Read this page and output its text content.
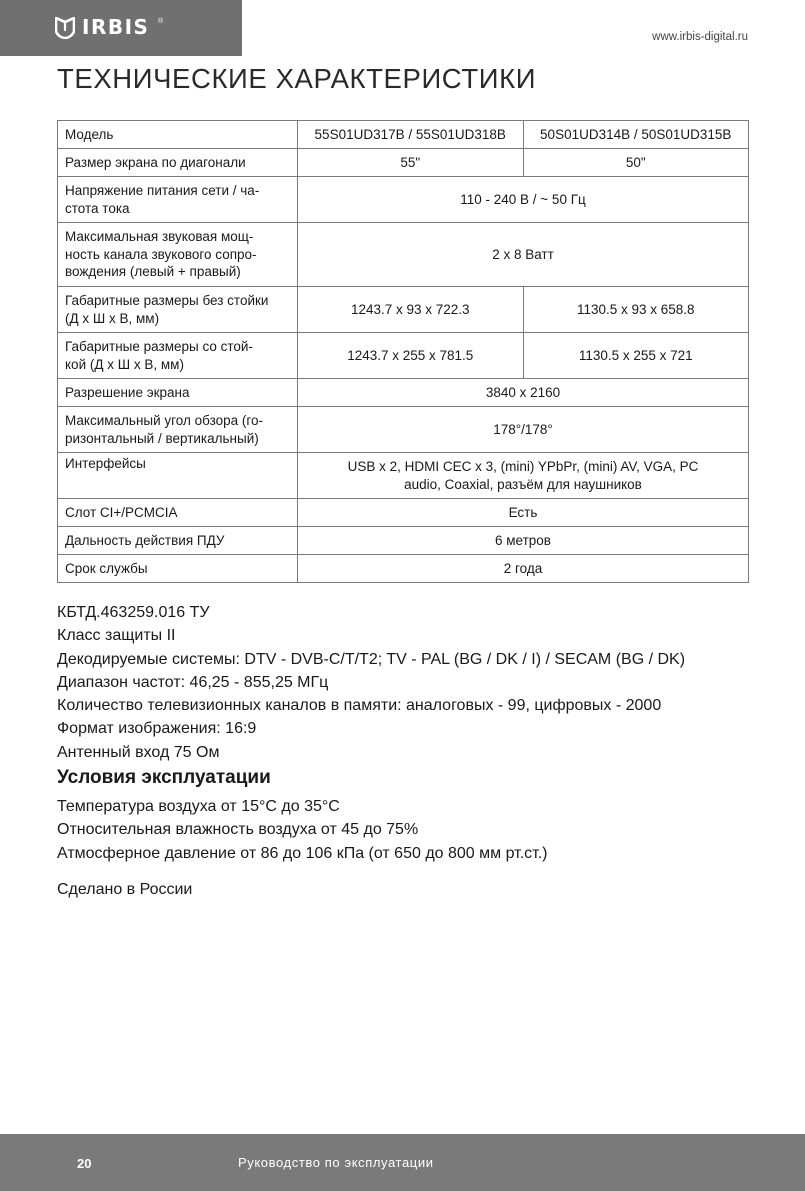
IRBIS ®
www.irbis-digital.ru
ТЕХНИЧЕСКИЕ ХАРАКТЕРИСТИКИ
Модель	55S01UD317B / 55S01UD318B	50S01UD314B / 50S01UD315B
Размер экрана по диагонали	55"	50"
Напряжение питания сети / ча-
стота тока	110 - 240 В / ~ 50 Гц	
Максимальная звуковая мощ-
ность канала звукового сопро-
вождения (левый + правый)	2 х 8 Ватт	
Габаритные размеры без стойки
(Д х Ш х В, мм)	1243.7 x 93 x 722.3	1130.5 x 93 x 658.8
Габаритные размеры со стой-
кой (Д х Ш х В, мм)	1243.7 x 255 x 781.5	1130.5 x 255 x 721
Разрешение экрана	3840 x 2160	
Максимальный угол обзора (го-
ризонтальный / вертикальный)	178°/178°	
Интерфейсы	USB x 2, HDMI CEC x 3, (mini) YPbPr, (mini) AV, VGA, PC
audio, Coaxial, разъём для наушников	
Слот CI+/PCMCIA	Есть	
Дальность действия ПДУ	6 метров	
Срок службы	2 года	
КБТД.463259.016 ТУ
Класс защиты II
Декодируемые системы: DTV - DVB-C/T/T2; TV - PAL (BG / DK / I) / SECAM (BG / DK)
Диапазон частот: 46,25 - 855,25 МГц
Количество телевизионных каналов в памяти: аналоговых - 99, цифровых - 2000
Формат изображения: 16:9
Антенный вход 75 Ом
Условия эксплуатации
Температура воздуха от 15°С до 35°С
Относительная влажность воздуха от 45 до 75%
Атмосферное давление от 86 до 106 кПа (от 650 до 800 мм рт.ст.)
Сделано в России
20	Руководство по эксплуатации
